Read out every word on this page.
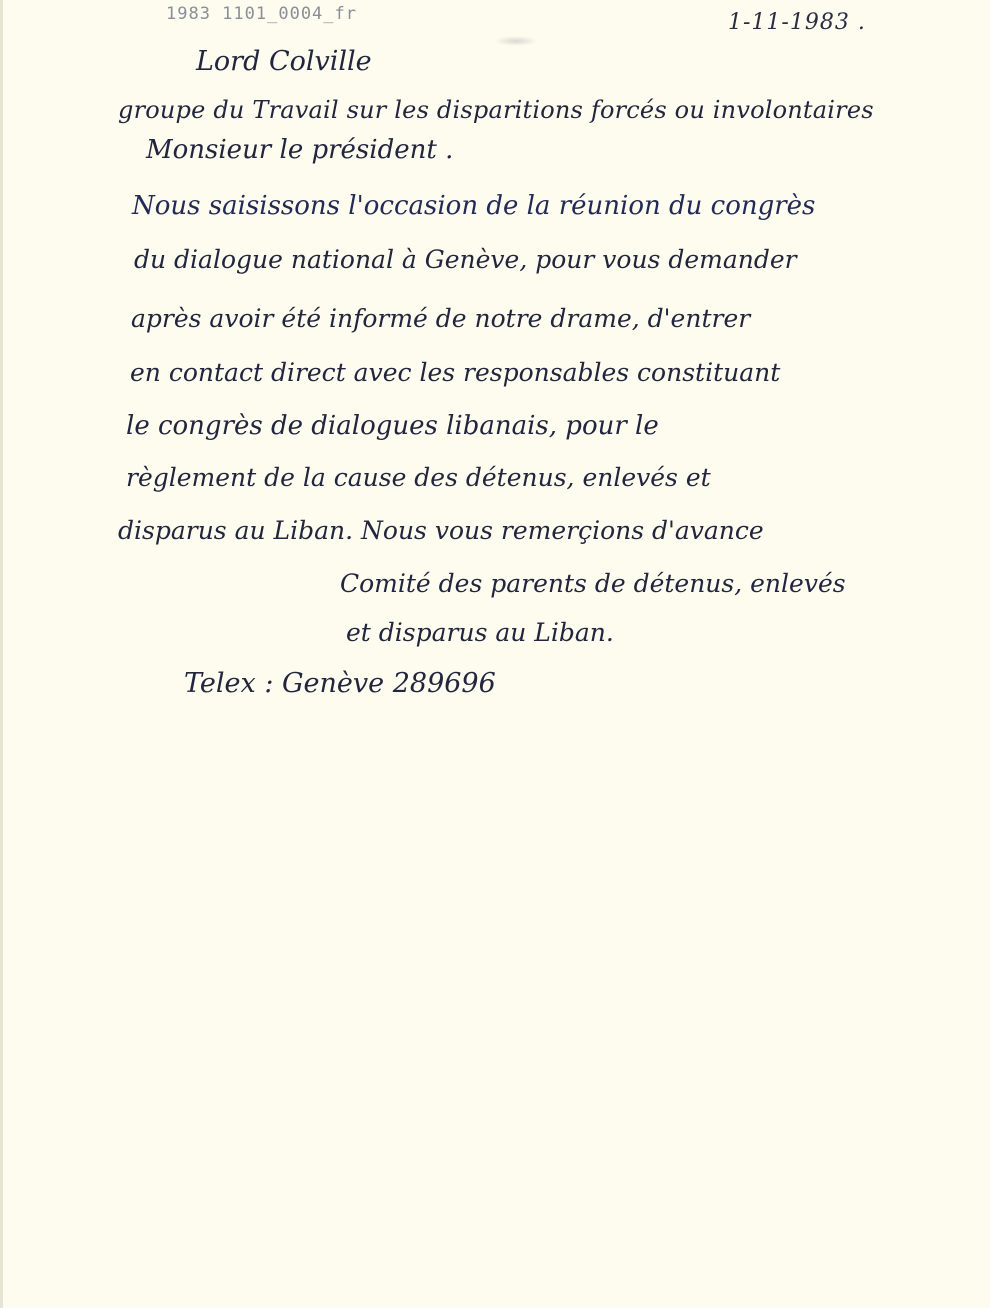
1983 1101_0004_fr	1-11-1983 .
Lord Colville
groupe du Travail sur les disparitions forcés ou involontaires
Monsieur le président .
Nous saisissons l'occasion de la réunion du congrès
du dialogue national à Genève, pour vous demander
après avoir été informé de notre drame, d'entrer
en contact direct avec les responsables constituant
le congrès de dialogues libanais, pour le
règlement de la cause des détenus, enlevés et
disparus au Liban. Nous vous remerçions d'avance
Comité des parents de détenus, enlevés
et disparus au Liban.
Telex : Genève 289696
